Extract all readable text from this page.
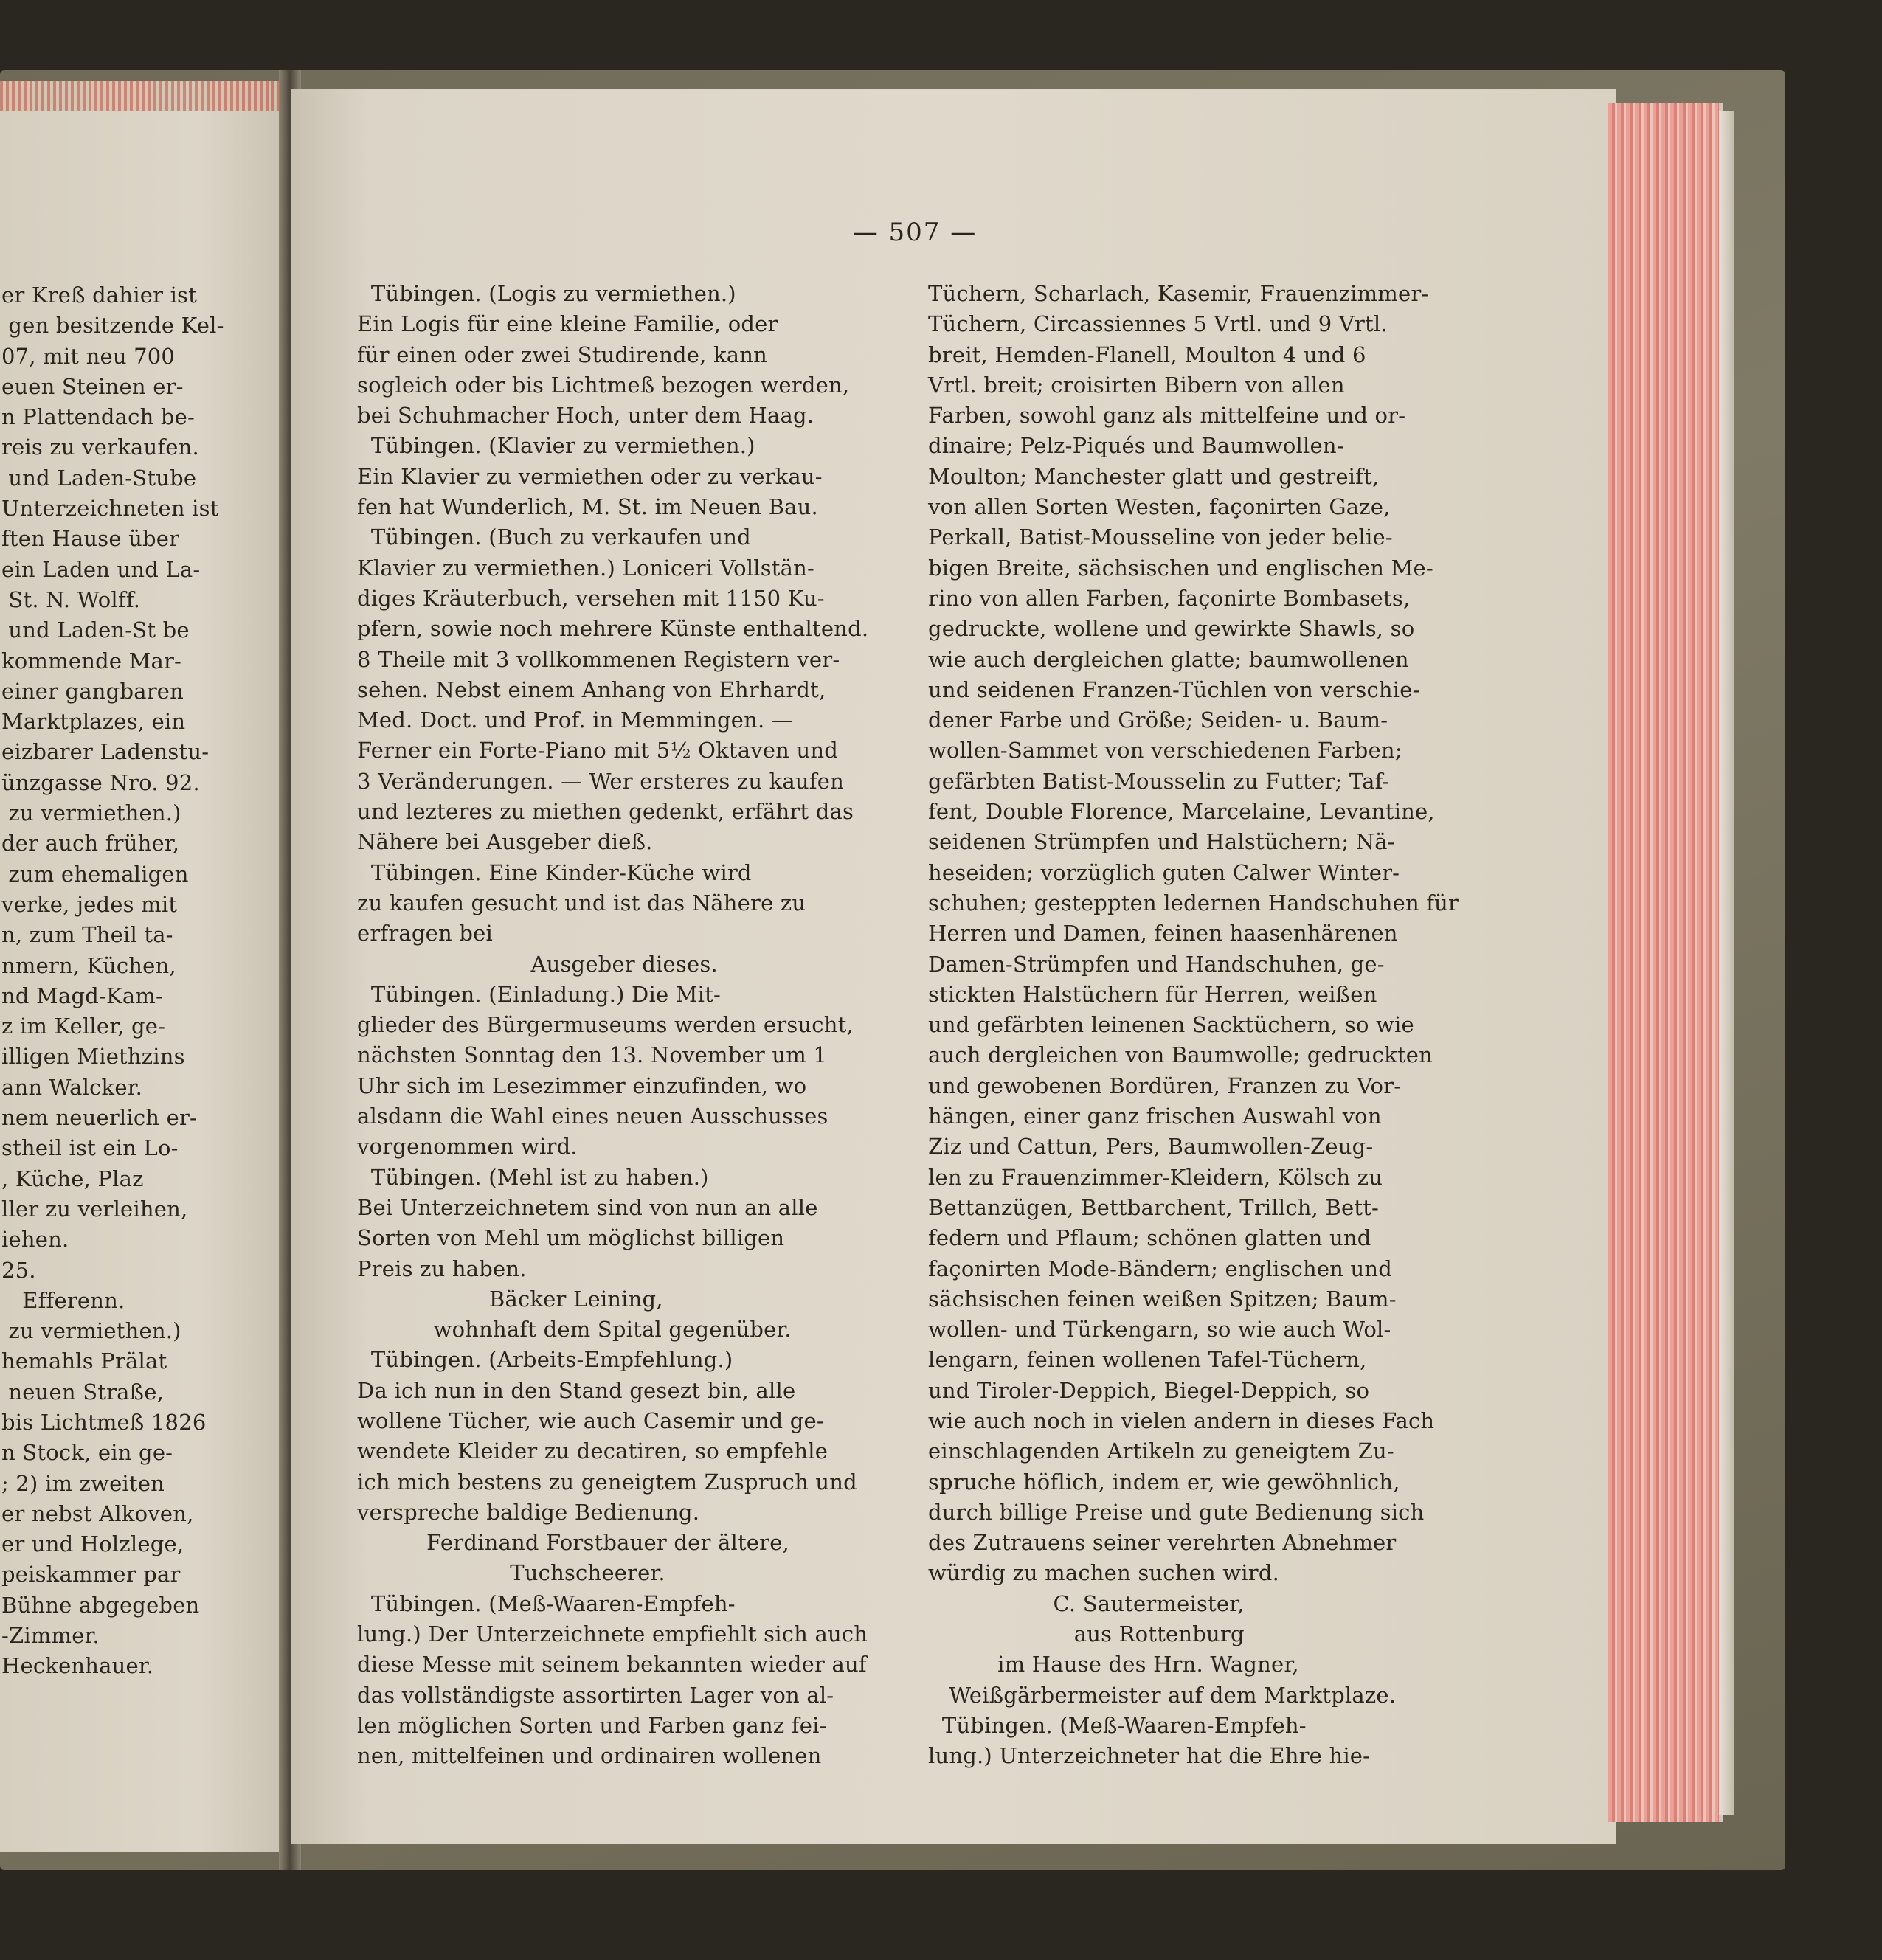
— 507 —

er Kreß dahier ist
gen besitzende Kel-
07, mit neu 700
euen Steinen er-
n Plattendach be-
reis zu verkaufen.
und Laden-Stube
Unterzeichneten ist
ften Hause über
ein Laden und La-
St. N. Wolff.
und Laden-St be
kommende Mar-
einer gangbaren
Marktplazes, ein
eizbarer Ladenstu-
ünzgasse Nro. 92.
zu vermiethen.)
der auch früher,
zum ehemaligen
verke, jedes mit
n, zum Theil ta-
nmern, Küchen,
nd Magd-Kam-
z im Keller, ge-
illigen Miethzins
ann Walcker.
nem neuerlich er-
stheil ist ein Lo-
, Küche, Plaz
ller zu verleihen,
iehen.
25.
Efferenn.
zu vermiethen.)
hemahls Prälat
neuen Straße,
bis Lichtmeß 1826
n Stock, ein ge-
; 2) im zweiten
er nebst Alkoven,
er und Holzlege,
peiskammer par
Bühne abgegeben
-Zimmer.
Heckenhauer.
Tübingen. (Logis zu vermiethen.)
Ein Logis für eine kleine Familie, oder
für einen oder zwei Studirende, kann
sogleich oder bis Lichtmeß bezogen werden,
bei Schuhmacher Hoch, unter dem Haag.
Tübingen. (Klavier zu vermiethen.)
Ein Klavier zu vermiethen oder zu verkau-
fen hat Wunderlich, M. St. im Neuen Bau.
Tübingen. (Buch zu verkaufen und
Klavier zu vermiethen.) Loniceri Vollstän-
diges Kräuterbuch, versehen mit 1150 Ku-
pfern, sowie noch mehrere Künste enthaltend.
8 Theile mit 3 vollkommenen Registern ver-
sehen. Nebst einem Anhang von Ehrhardt,
Med. Doct. und Prof. in Memmingen. —
Ferner ein Forte-Piano mit 5½ Oktaven und
3 Veränderungen. — Wer ersteres zu kaufen
und lezteres zu miethen gedenkt, erfährt das
Nähere bei Ausgeber dieß.
Tübingen. Eine Kinder-Küche wird
zu kaufen gesucht und ist das Nähere zu
erfragen bei
Ausgeber dieses.
Tübingen. (Einladung.) Die Mit-
glieder des Bürgermuseums werden ersucht,
nächsten Sonntag den 13. November um 1
Uhr sich im Lesezimmer einzufinden, wo
alsdann die Wahl eines neuen Ausschusses
vorgenommen wird.
Tübingen. (Mehl ist zu haben.)
Bei Unterzeichnetem sind von nun an alle
Sorten von Mehl um möglichst billigen
Preis zu haben.
Bäcker Leining,
wohnhaft dem Spital gegenüber.
Tübingen. (Arbeits-Empfehlung.)
Da ich nun in den Stand gesezt bin, alle
wollene Tücher, wie auch Casemir und ge-
wendete Kleider zu decatiren, so empfehle
ich mich bestens zu geneigtem Zuspruch und
verspreche baldige Bedienung.
Ferdinand Forstbauer der ältere,
Tuchscheerer.
Tübingen. (Meß-Waaren-Empfeh-
lung.) Der Unterzeichnete empfiehlt sich auch
diese Messe mit seinem bekannten wieder auf
das vollständigste assortirten Lager von al-
len möglichen Sorten und Farben ganz fei-
nen, mittelfeinen und ordinairen wollenen
Tüchern, Scharlach, Kasemir, Frauenzimmer-
Tüchern, Circassiennes 5 Vrtl. und 9 Vrtl.
breit, Hemden-Flanell, Moulton 4 und 6
Vrtl. breit; croisirten Bibern von allen
Farben, sowohl ganz als mittelfeine und or-
dinaire; Pelz-Piqués und Baumwollen-
Moulton; Manchester glatt und gestreift,
von allen Sorten Westen, façonirten Gaze,
Perkall, Batist-Mousseline von jeder belie-
bigen Breite, sächsischen und englischen Me-
rino von allen Farben, façonirte Bombasets,
gedruckte, wollene und gewirkte Shawls, so
wie auch dergleichen glatte; baumwollenen
und seidenen Franzen-Tüchlen von verschie-
dener Farbe und Größe; Seiden- u. Baum-
wollen-Sammet von verschiedenen Farben;
gefärbten Batist-Mousselin zu Futter; Taf-
fent, Double Florence, Marcelaine, Levantine,
seidenen Strümpfen und Halstüchern; Nä-
heseiden; vorzüglich guten Calwer Winter-
schuhen; gesteppten ledernen Handschuhen für
Herren und Damen, feinen haasenhärenen
Damen-Strümpfen und Handschuhen, ge-
stickten Halstüchern für Herren, weißen
und gefärbten leinenen Sacktüchern, so wie
auch dergleichen von Baumwolle; gedruckten
und gewobenen Bordüren, Franzen zu Vor-
hängen, einer ganz frischen Auswahl von
Ziz und Cattun, Pers, Baumwollen-Zeug-
len zu Frauenzimmer-Kleidern, Kölsch zu
Bettanzügen, Bettbarchent, Trillch, Bett-
federn und Pflaum; schönen glatten und
façonirten Mode-Bändern; englischen und
sächsischen feinen weißen Spitzen; Baum-
wollen- und Türkengarn, so wie auch Wol-
lengarn, feinen wollenen Tafel-Tüchern,
und Tiroler-Deppich, Biegel-Deppich, so
wie auch noch in vielen andern in dieses Fach
einschlagenden Artikeln zu geneigtem Zu-
spruche höflich, indem er, wie gewöhnlich,
durch billige Preise und gute Bedienung sich
des Zutrauens seiner verehrten Abnehmer
würdig zu machen suchen wird.
C. Sautermeister,
aus Rottenburg
im Hause des Hrn. Wagner,
Weißgärbermeister auf dem Marktplaze.
Tübingen. (Meß-Waaren-Empfeh-
lung.) Unterzeichneter hat die Ehre hie-
